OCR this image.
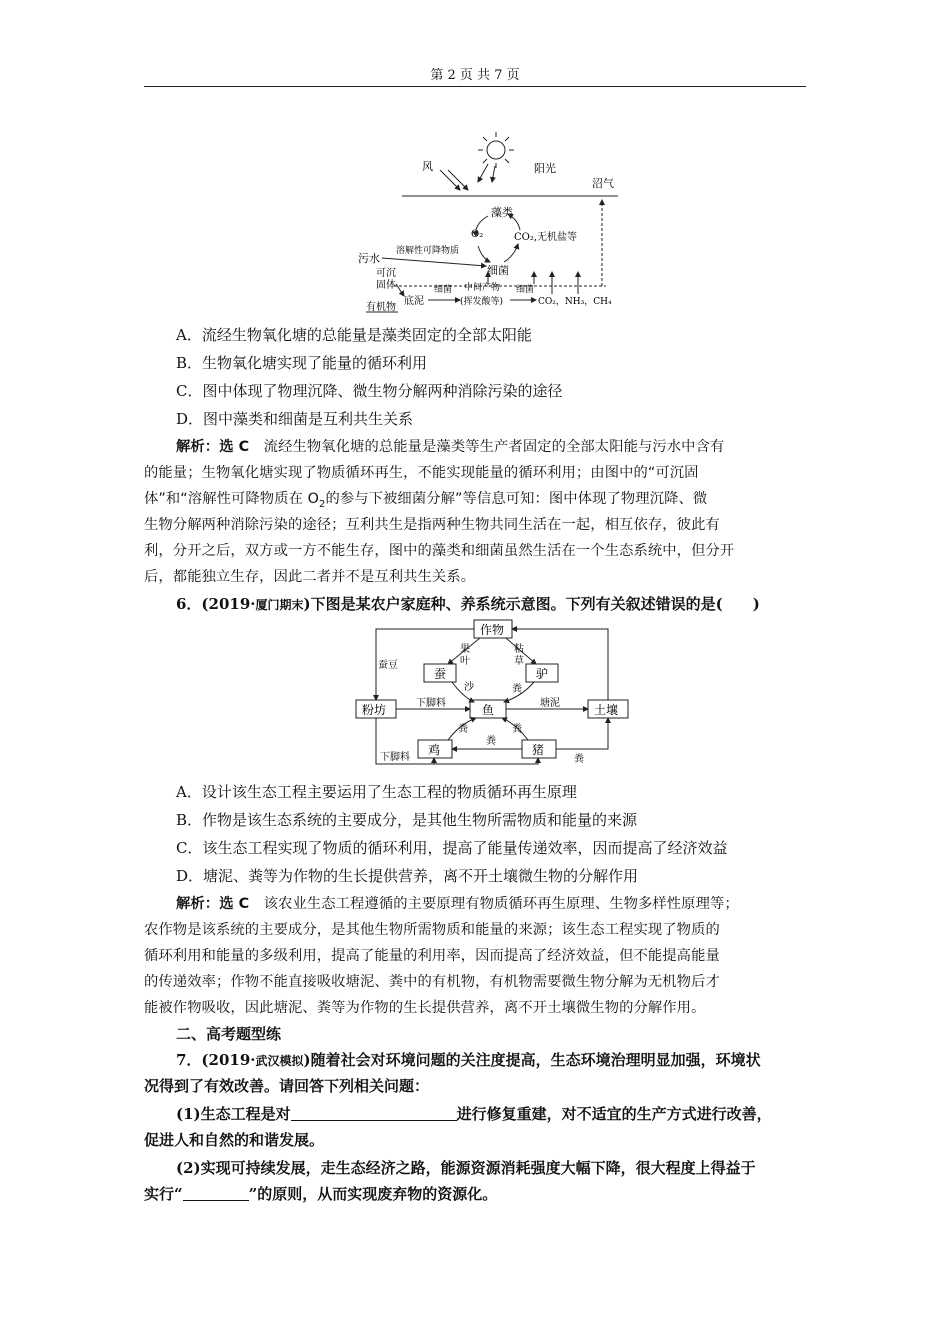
第 2 页 共 7 页
风	阳光
沼气
藻类
O₂	CO₂,无机盐等
细菌
污水
溶解性可降物质
可沉
固体
有机物
底泥
细菌 中间产物
(挥发酸等)
细菌
CO₂，NH₃，CH₄
A．流经生物氧化塘的总能量是藻类固定的全部太阳能
B．生物氧化塘实现了能量的循环利用
C．图中体现了物理沉降、微生物分解两种消除污染的途径
D．图中藻类和细菌是互利共生关系
解析：选 C　 流经生物氧化塘的总能量是藻类等生产者固定的全部太阳能与污水中含有
的能量；生物氧化塘实现了物质循环再生，不能实现能量的循环利用；由图中的“可沉固
体”和“溶解性可降物质在 $O_2$的参与下被细菌分解”等信息可知：图中体现了物理沉降、微
生物分解两种消除污染的途径；互利共生是指两种生物共同生活在一起，相互依存，彼此有
利，分开之后，双方或一方不能生存，图中的藻类和细菌虽然生活在一个生态系统中，但分开
后，都能独立生存，因此二者并不是互利共生关系。
6．(2019·厦门期末)下图是某农户家庭种、养系统示意图。下列有关叙述错误的是(　　)
作物
蚕	驴
粉坊	鱼	土壤
鸡	猪
蚕豆
果
叶
粘
草
沙	粪
下脚料	塘泥
粪
粪
粪
下脚料	粪
A．设计该生态工程主要运用了生态工程的物质循环再生原理
B．作物是该生态系统的主要成分，是其他生物所需物质和能量的来源
C．该生态工程实现了物质的循环利用，提高了能量传递效率，因而提高了经济效益
D．塘泥、粪等为作物的生长提供营养，离不开土壤微生物的分解作用
解析：选 C　 该农业生态工程遵循的主要原理有物质循环再生原理、生物多样性原理等；
农作物是该系统的主要成分，是其他生物所需物质和能量的来源；该生态工程实现了物质的
循环利用和能量的多级利用，提高了能量的利用率，因而提高了经济效益，但不能提高能量
的传递效率；作物不能直接吸收塘泥、粪中的有机物，有机物需要微生物分解为无机物后才
能被作物吸收，因此塘泥、粪等为作物的生长提供营养，离不开土壤微生物的分解作用。
二、高考题型练
7．(2019·武汉模拟)随着社会对环境问题的关注度提高，生态环境治理明显加强，环境状
况得到了有效改善。请回答下列相关问题：
(1)生态工程是对	进行修复重建，对不适宜的生产方式进行改善，
促进人和自然的和谐发展。
(2)实现可持续发展，走生态经济之路，能源资源消耗强度大幅下降，很大程度上得益于
实行“	”的原则，从而实现废弃物的资源化。
